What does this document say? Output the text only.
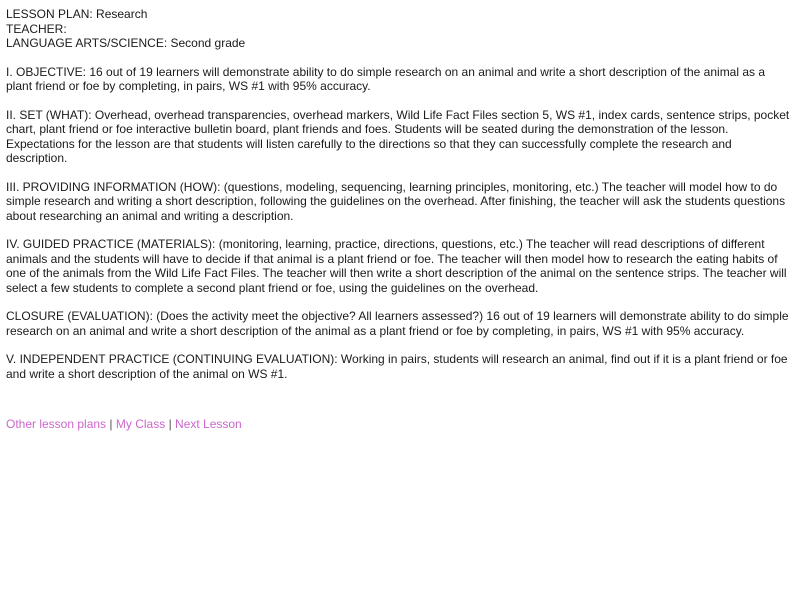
LESSON PLAN: Research

TEACHER:

LANGUAGE ARTS/SCIENCE: Second grade

I. OBJECTIVE: 16 out of 19 learners will demonstrate ability to do simple research on an animal and write a short description of the animal as a plant friend or foe by completing, in pairs, WS #1 with 95% accuracy.

II. SET (WHAT): Overhead, overhead transparencies, overhead markers, Wild Life Fact Files section 5, WS #1, index cards, sentence strips, pocket chart, plant friend or foe interactive bulletin board, plant friends and foes. Students will be seated during the demonstration of the lesson. Expectations for the lesson are that students will listen carefully to the directions so that they can successfully complete the research and description.

III. PROVIDING INFORMATION (HOW): (questions, modeling, sequencing, learning principles, monitoring, etc.) The teacher will model how to do simple research and writing a short description, following the guidelines on the overhead. After finishing, the teacher will ask the students questions about researching an animal and writing a description.

IV. GUIDED PRACTICE (MATERIALS): (monitoring, learning, practice, directions, questions, etc.) The teacher will read descriptions of different animals and the students will have to decide if that animal is a plant friend or foe. The teacher will then model how to research the eating habits of one of the animals from the Wild Life Fact Files. The teacher will then write a short description of the animal on the sentence strips. The teacher will select a few students to complete a second plant friend or foe, using the guidelines on the overhead.

CLOSURE (EVALUATION): (Does the activity meet the objective? All learners assessed?) 16 out of 19 learners will demonstrate ability to do simple research on an animal and write a short description of the animal as a plant friend or foe by completing, in pairs, WS #1 with 95% accuracy.

V. INDEPENDENT PRACTICE (CONTINUING EVALUATION): Working in pairs, students will research an animal, find out if it is a plant friend or foe and write a short description of the animal on WS #1.

Other lesson plans | My Class | Next Lesson
